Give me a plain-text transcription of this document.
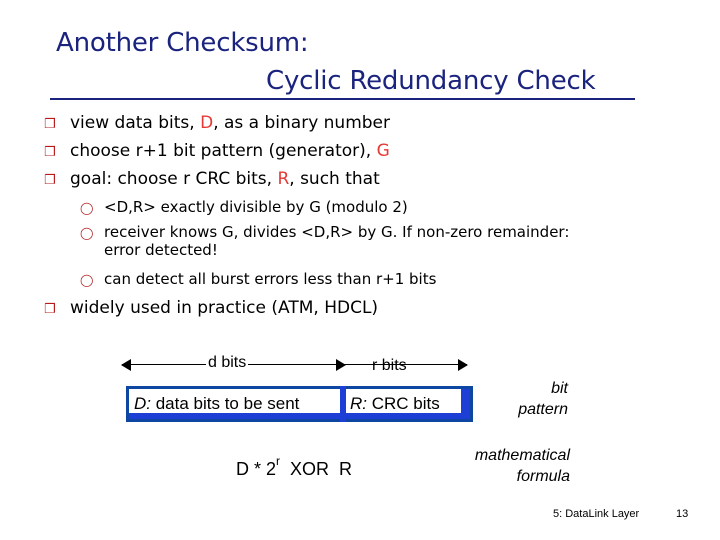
Another Checksum:
Cyclic Redundancy Check
❒ view data bits, D, as a binary number
❒ choose r+1 bit pattern (generator), G
❒ goal: choose r CRC bits, R, such that
◯ <D,R> exactly divisible by G (modulo 2)
◯ receiver knows G, divides <D,R> by G. If non-zero remainder:
error detected!
◯ can detect all burst errors less than r+1 bits
❒ widely used in practice (ATM, HDCL)
d bits	r bits
D: data bits to be sent	R: CRC bits
bit
pattern
D * 2$^r$  XOR  R
mathematical
formula
5: DataLink Layer	13
